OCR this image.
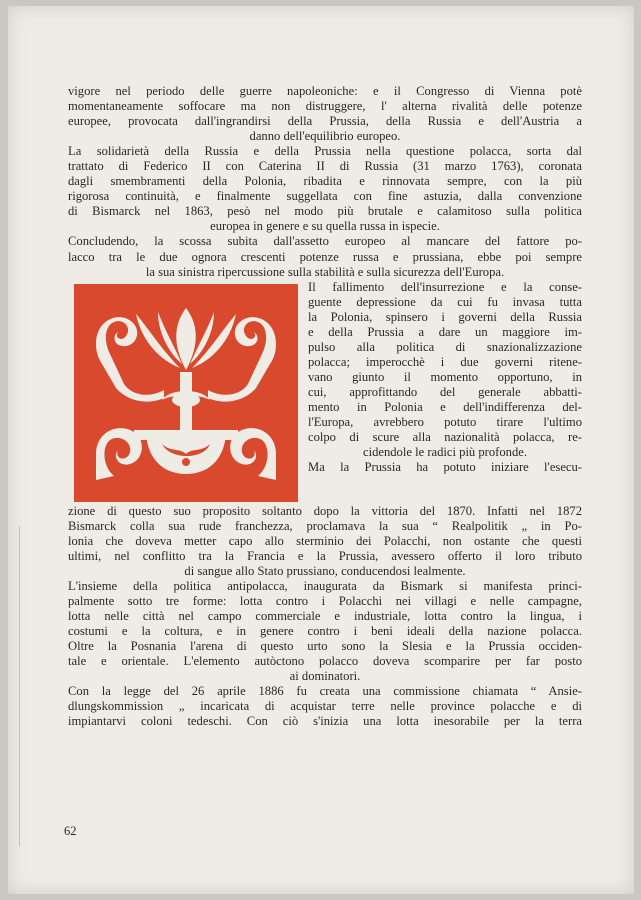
vigore nel periodo delle guerre napoleoniche: e il Congresso di Vienna potè

momentaneamente soffocare ma non distruggere, l' alterna rivalità delle potenze

europee, provocata dall'ingrandirsi della Prussia, della Russia e dell'Austria a

danno dell'equilibrio europeo.

La solidarietà della Russia e della Prussia nella questione polacca, sorta dal

trattato di Federico II con Caterina II di Russia (31 marzo 1763), coronata

dagli smembramenti della Polonia, ribadita e rinnovata sempre, con la più

rigorosa continuità, e finalmente suggellata con fine astuzia, dalla convenzione

di Bismarck nel 1863, pesò nel modo più brutale e calamitoso sulla politica

europea in genere e su quella russa in ispecie.

Concludendo, la scossa subita dall'assetto europeo al mancare del fattore po-

lacco tra le due ognora crescenti potenze russa e prussiana, ebbe poi sempre

la sua sinistra ripercussione sulla stabilità e sulla sicurezza dell'Europa.

Il fallimento dell'insurrezione e la conse-

guente depressione da cui fu invasa tutta

la Polonia, spinsero i governi della Russia

e della Prussia a dare un maggiore im-

pulso alla politica di snazionalizzazione

polacca; imperocchè i due governi ritene-

vano giunto il momento opportuno, in

cui, approfittando del generale abbatti-

mento in Polonia e dell'indifferenza del-

l'Europa, avrebbero potuto tirare l'ultimo

colpo di scure alla nazionalità polacca, re-

cidendole le radici più profonde.

Ma la Prussia ha potuto iniziare l'esecu-

zione di questo suo proposito soltanto dopo la vittoria del 1870. Infatti nel 1872

Bismarck colla sua rude franchezza, proclamava la sua “ Realpolitik „ in Po-

lonia che doveva metter capo allo sterminio dei Polacchi, non ostante che questi

ultimi, nel conflitto tra la Francia e la Prussia, avessero offerto il loro tributo

di sangue allo Stato prussiano, conducendosi lealmente.

L'insieme della politica antipolacca, inaugurata da Bismark si manifesta princi-

palmente sotto tre forme: lotta contro i Polacchi nei villagi e nelle campagne,

lotta nelle città nel campo commerciale e industriale, lotta contro la lingua, i

costumi e la coltura, e in genere contro i beni ideali della nazione polacca.

Oltre la Posnania l'arena di questo urto sono la Slesia e la Prussia occiden-

tale e orientale. L'elemento autòctono polacco doveva scomparire per far posto

ai dominatori.

Con la legge del 26 aprile 1886 fu creata una commissione chiamata “ Ansie-

dlungskommission „ incaricata di acquistar terre nelle province polacche e di

impiantarvi coloni tedeschi. Con ciò s'inizia una lotta inesorabile per la terra

62
